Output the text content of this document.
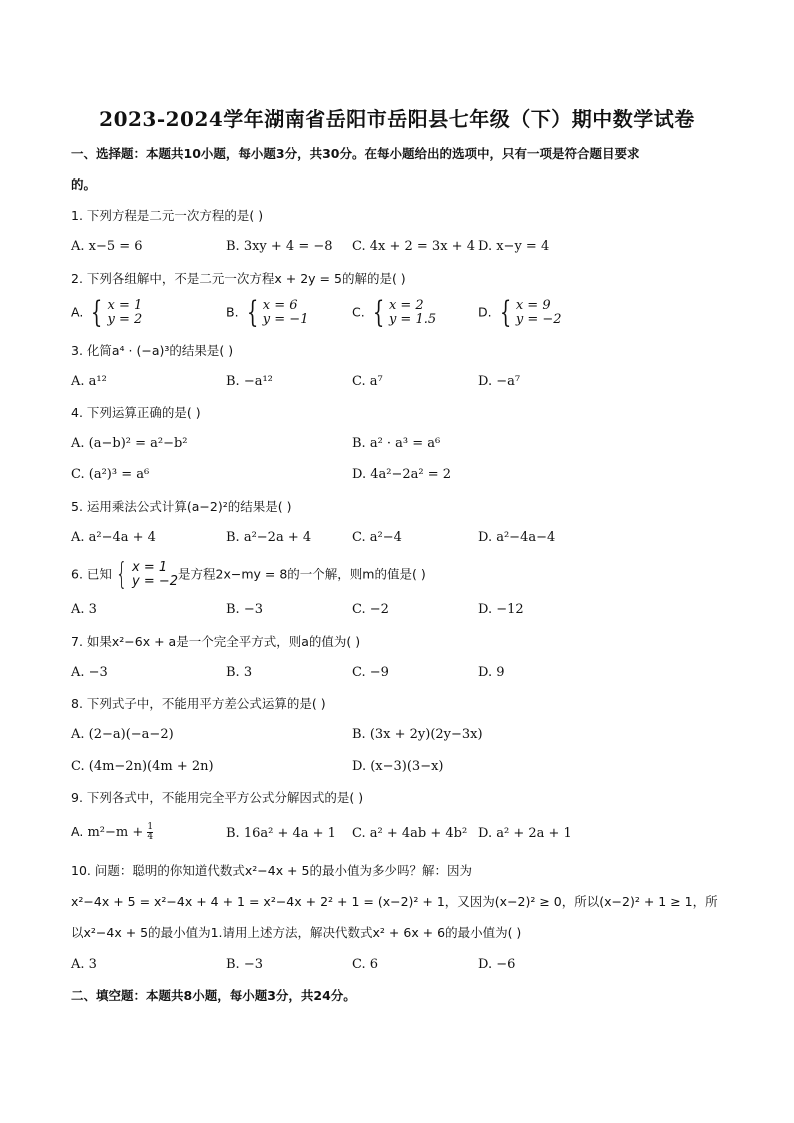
2023-2024学年湖南省岳阳市岳阳县七年级（下）期中数学试卷
一、选择题：本题共10小题，每小题3分，共30分。在每小题给出的选项中，只有一项是符合题目要求
的。
1. 下列方程是二元一次方程的是( )
A. x−5 = 6	B. 3xy + 4 = −8 C. 4x + 2 = 3x + 4 D. x−y = 4
2. 下列各组解中，不是二元一次方程x + 2y = 5的解的是( )
A. { x = 1
y = 2	B. { x = 6
y = −1	C. { x = 2
y = 1.5	D. { x = 9
y = −2
3. 化简a⁴ · (−a)³的结果是( )
A. a¹²	B. −a¹²	C. a⁷	D. −a⁷
4. 下列运算正确的是( )
A. (a−b)² = a²−b²	B. a² · a³ = a⁶
C. (a²)³ = a⁶	D. 4a²−2a² = 2
5. 运用乘法公式计算(a−2)²的结果是( )
A. a²−4a + 4	B. a²−2a + 4	C. a²−4	D. a²−4a−4
6. 已知 { x = 1
y = −2 是方程2x−my = 8的一个解，则m的值是( )
A. 3	B. −3	C. −2	D. −12
7. 如果x²−6x + a是一个完全平方式，则a的值为( )
A. −3	B. 3	C. −9	D. 9
8. 下列式子中，不能用平方差公式运算的是( )
A. (2−a)(−a−2)	B. (3x + 2y)(2y−3x)
C. (4m−2n)(4m + 2n)	D. (x−3)(3−x)
9. 下列各式中，不能用完全平方公式分解因式的是( )
A. $m^2-m + \frac{1}{4}$	B. 16a² + 4a + 1 C. a² + 4ab + 4b² D. a² + 2a + 1
10. 问题：聪明的你知道代数式x²−4x + 5的最小值为多少吗？解：因为
x²−4x + 5 = x²−4x + 4 + 1 = x²−4x + 2² + 1 = (x−2)² + 1，又因为(x−2)² ≥ 0，所以(x−2)² + 1 ≥ 1，所
以x²−4x + 5的最小值为1.请用上述方法，解决代数式x² + 6x + 6的最小值为( )
A. 3	B. −3	C. 6	D. −6
二、填空题：本题共8小题，每小题3分，共24分。
